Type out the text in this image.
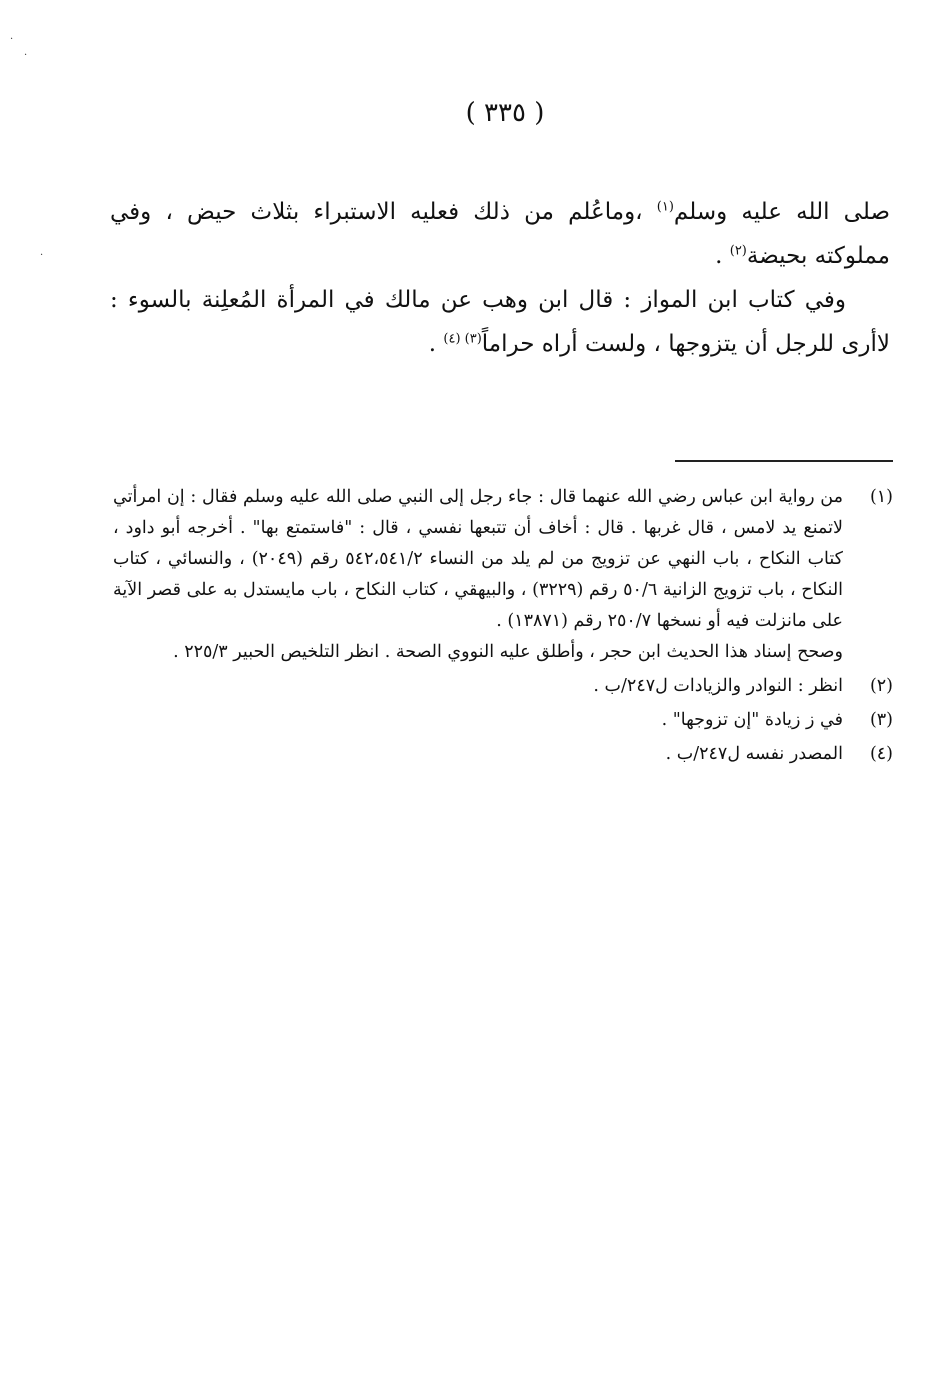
·
·
·
( ٣٣٥ )

صلى الله عليه وسلم$^{(١)}$ ،وماعُلم من ذلك فعليه الاستبراء بثلاث حيض ، وفي مملوكته بحيضة$^{(٢)}$ .

وفي كتاب ابن المواز : قال ابن وهب عن مالك في المرأة المُعلِنة بالسوء : لاأرى للرجل أن يتزوجها ، ولست أراه حراماً$^{(٣)}$ $^{(٤)}$ .

(١)

من رواية ابن عباس رضي الله عنهما قال : جاء رجل إلى النبي صلى الله عليه وسلم فقال : إن امرأتي لاتمنع يد لامس ، قال غربها . قال : أخاف أن تتبعها نفسي ، قال : "فاستمتع بها" . أخرجه أبو داود ، كتاب النكاح ، باب النهي عن تزويج من لم يلد من النساء ٥٤٢،٥٤١/٢ رقم (٢٠٤٩) ، والنسائي ، كتاب النكاح ، باب تزويج الزانية ٥٠/٦ رقم (٣٢٢٩) ، والبيهقي ، كتاب النكاح ، باب مايستدل به على قصر الآية على مانزلت فيه أو نسخها ٢٥٠/٧ رقم (١٣٨٧١) .

وصحح إسناد هذا الحديث ابن حجر ، وأطلق عليه النووي الصحة . انظر التلخيص الحبير ٢٢٥/٣ .

(٢)

انظر : النوادر والزيادات ل٢٤٧/ب .

(٣)

في ز زيادة "إن تزوجها" .

(٤)

المصدر نفسه ل٢٤٧/ب .
